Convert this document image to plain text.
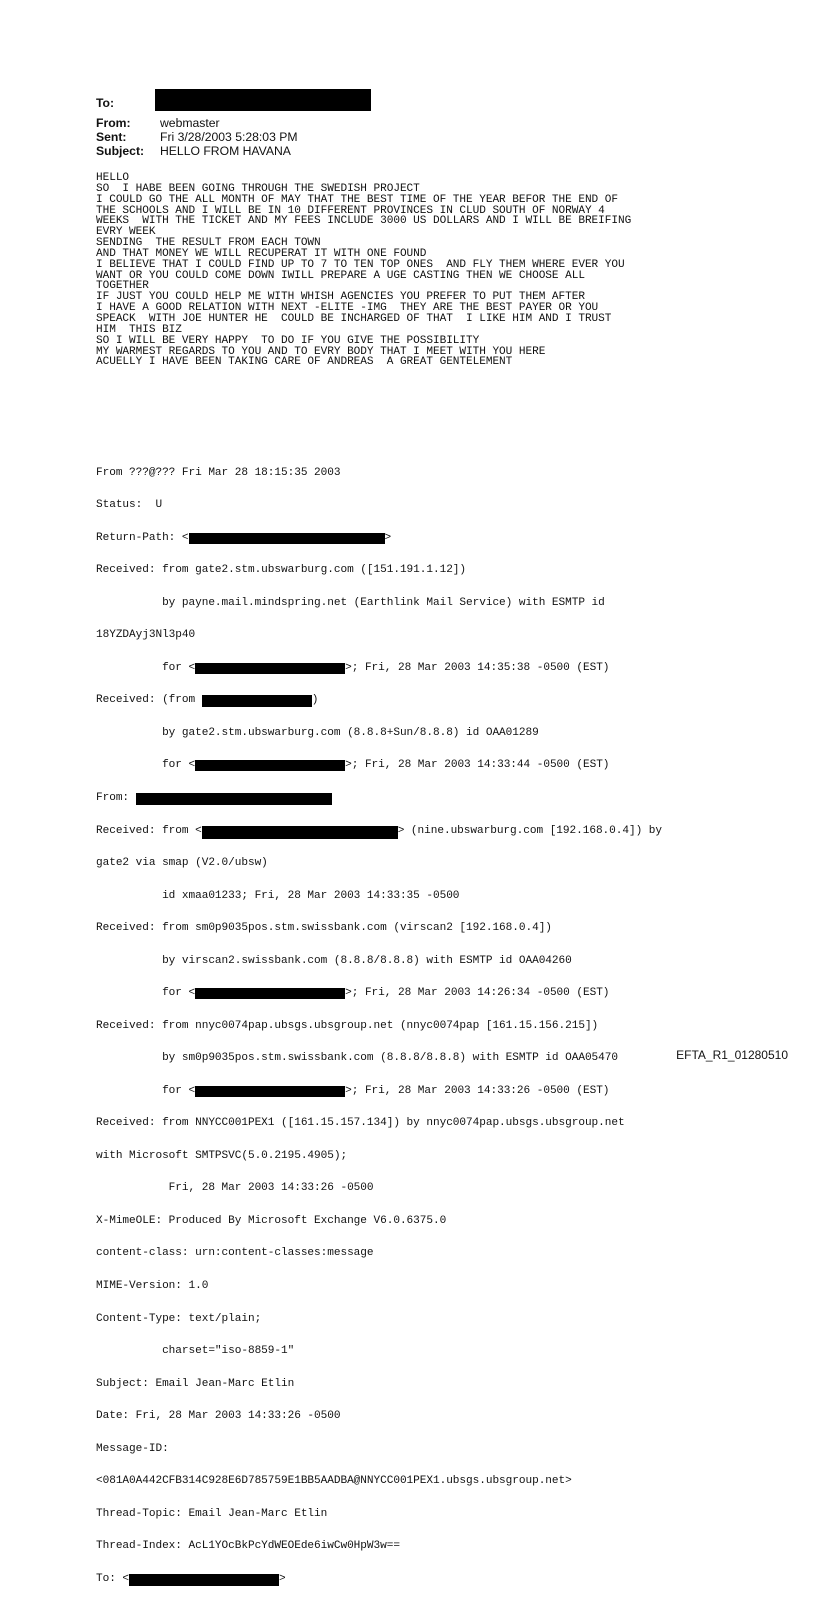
To:
From:	webmaster
Sent:	Fri 3/28/2003 5:28:03 PM
Subject:	HELLO FROM HAVANA
HELLO
SO  I HABE BEEN GOING THROUGH THE SWEDISH PROJECT
I COULD GO THE ALL MONTH OF MAY THAT THE BEST TIME OF THE YEAR BEFOR THE END OF
THE SCHOOLS AND I WILL BE IN 10 DIFFERENT PROVINCES IN CLUD SOUTH OF NORWAY 4
WEEKS  WITH THE TICKET AND MY FEES INCLUDE 3000 US DOLLARS AND I WILL BE BREIFING
EVRY WEEK
SENDING  THE RESULT FROM EACH TOWN
AND THAT MONEY WE WILL RECUPERAT IT WITH ONE FOUND
I BELIEVE THAT I COULD FIND UP TO 7 TO TEN TOP ONES  AND FLY THEM WHERE EVER YOU
WANT OR YOU COULD COME DOWN IWILL PREPARE A UGE CASTING THEN WE CHOOSE ALL
TOGETHER
IF JUST YOU COULD HELP ME WITH WHISH AGENCIES YOU PREFER TO PUT THEM AFTER
I HAVE A GOOD RELATION WITH NEXT -ELITE -IMG  THEY ARE THE BEST PAYER OR YOU
SPEACK  WITH JOE HUNTER HE  COULD BE INCHARGED OF THAT  I LIKE HIM AND I TRUST
HIM  THIS BIZ
SO I WILL BE VERY HAPPY  TO DO IF YOU GIVE THE POSSIBILITY
MY WARMEST REGARDS TO YOU AND TO EVRY BODY THAT I MEET WITH YOU HERE
ACUELLY I HAVE BEEN TAKING CARE OF ANDREAS  A GREAT GENTELEMENT

From ???@??? Fri Mar 28 18:15:35 2003

Status:  U

Return-Path: <	>

Received: from gate2.stm.ubswarburg.com ([151.191.1.12])

by payne.mail.mindspring.net (Earthlink Mail Service) with ESMTP id

18YZDAyj3Nl3p40

for <	>; Fri, 28 Mar 2003 14:35:38 -0500 (EST)

Received: (from	)

by gate2.stm.ubswarburg.com (8.8.8+Sun/8.8.8) id OAA01289

for <	>; Fri, 28 Mar 2003 14:33:44 -0500 (EST)

From:

Received: from <	> (nine.ubswarburg.com [192.168.0.4]) by

gate2 via smap (V2.0/ubsw)

id xmaa01233; Fri, 28 Mar 2003 14:33:35 -0500

Received: from sm0p9035pos.stm.swissbank.com (virscan2 [192.168.0.4])

by virscan2.swissbank.com (8.8.8/8.8.8) with ESMTP id OAA04260

for <	>; Fri, 28 Mar 2003 14:26:34 -0500 (EST)

Received: from nnyc0074pap.ubsgs.ubsgroup.net (nnyc0074pap [161.15.156.215])

by sm0p9035pos.stm.swissbank.com (8.8.8/8.8.8) with ESMTP id OAA05470

for <	>; Fri, 28 Mar 2003 14:33:26 -0500 (EST)

Received: from NNYCC001PEX1 ([161.15.157.134]) by nnyc0074pap.ubsgs.ubsgroup.net

with Microsoft SMTPSVC(5.0.2195.4905);

Fri, 28 Mar 2003 14:33:26 -0500

X-MimeOLE: Produced By Microsoft Exchange V6.0.6375.0

content-class: urn:content-classes:message

MIME-Version: 1.0

Content-Type: text/plain;

charset="iso-8859-1"

Subject: Email Jean-Marc Etlin

Date: Fri, 28 Mar 2003 14:33:26 -0500

Message-ID:

<081A0A442CFB314C928E6D785759E1BB5AADBA@NNYCC001PEX1.ubsgs.ubsgroup.net>

Thread-Topic: Email Jean-Marc Etlin

Thread-Index: AcL1YOcBkPcYdWEOEde6iwCw0HpW3w==

To: <	>

EFTA_R1_01280510
